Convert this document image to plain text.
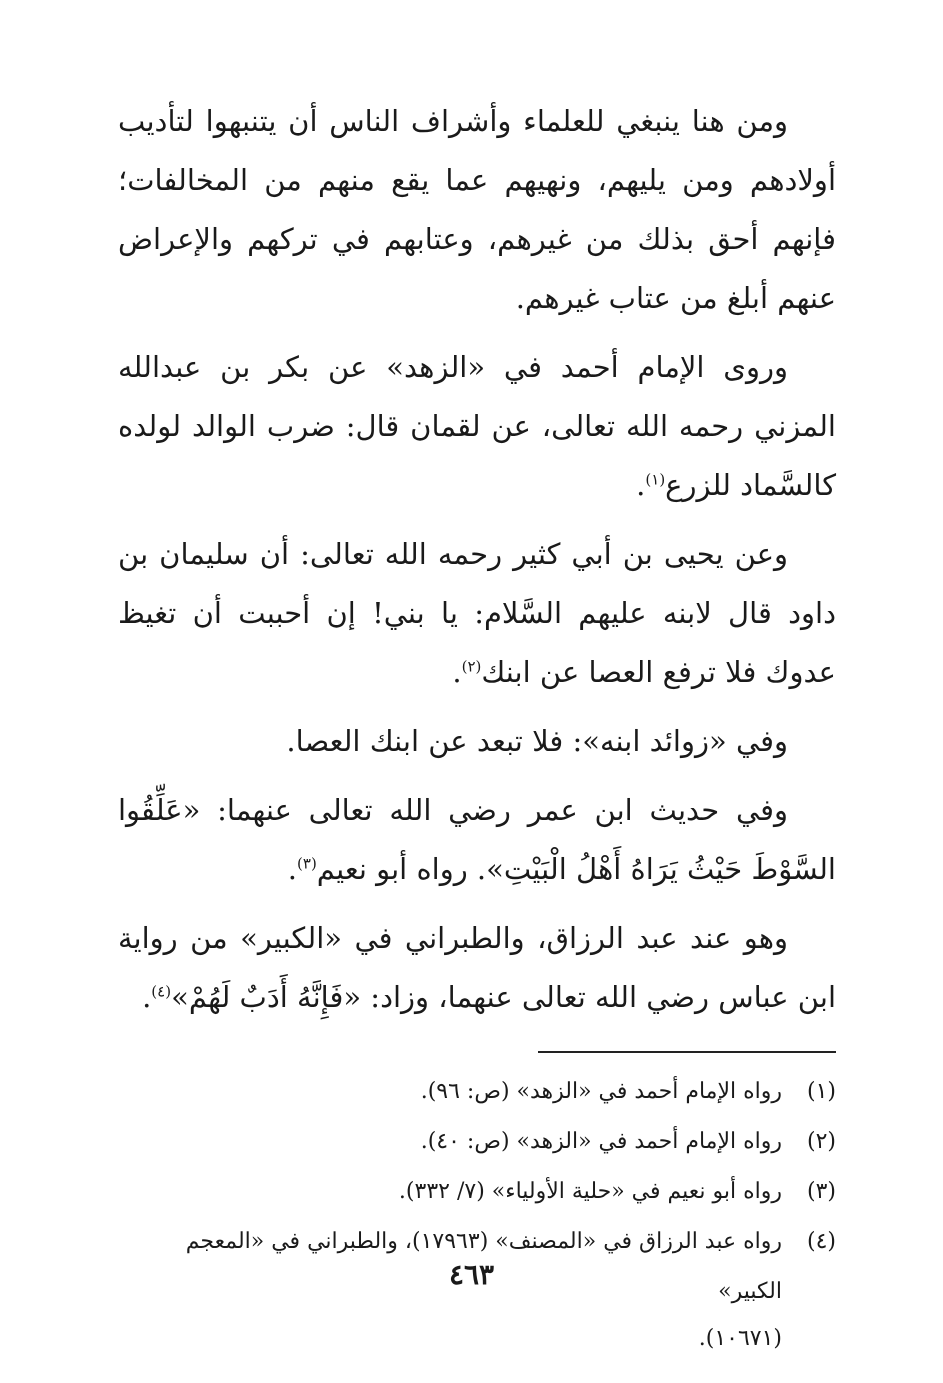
ومن هنا ينبغي للعلماء وأشراف الناس أن يتنبهوا لتأديب أولادهم ومن يليهم، ونهيهم عما يقع منهم من المخالفات؛ فإنهم أحق بذلك من غيرهم، وعتابهم في تركهم والإعراض عنهم أبلغ من عتاب غيرهم.

وروى الإمام أحمد في «الزهد» عن بكر بن عبدالله المزني رحمه الله تعالى، عن لقمان قال: ضرب الوالد لولده كالسَّماد للزرع$^{(١)}$.

وعن يحيى بن أبي كثير رحمه الله تعالى: أن سليمان بن داود قال لابنه عليهم السَّلام: يا بني! إن أحببت أن تغيظ عدوك فلا ترفع العصا عن ابنك$^{(٢)}$.

وفي «زوائد ابنه»: فلا تبعد عن ابنك العصا.

وفي حديث ابن عمر رضي الله تعالى عنهما: «عَلِّقُوا السَّوْطَ حَيْثُ يَرَاهُ أَهْلُ الْبَيْتِ». رواه أبو نعيم$^{(٣)}$.

وهو عند عبد الرزاق، والطبراني في «الكبير» من رواية ابن عباس رضي الله تعالى عنهما، وزاد: «فَإِنَّهُ أَدَبٌ لَهُمْ»$^{(٤)}$.

(١)
رواه الإمام أحمد في «الزهد» (ص: ٩٦).
(٢)
رواه الإمام أحمد في «الزهد» (ص: ٤٠).
(٣)
رواه أبو نعيم في «حلية الأولياء» (٧/ ٣٣٢).
(٤)
رواه عبد الرزاق في «المصنف» (١٧٩٦٣)، والطبراني في «المعجم الكبير»
(١٠٦٧١).
٤٦٣
